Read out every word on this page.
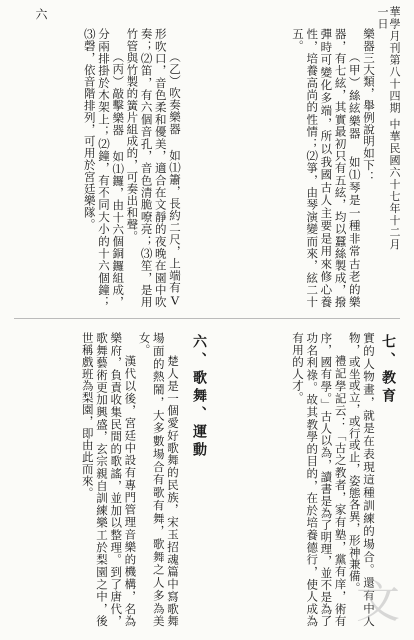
華學月刊第八十四期 中華民國六十七年十二月一日
六

樂器三大類，舉例說明如下：

（甲）絲絃樂器 如⑴琴是一種非常古老的樂器，有七絃，其實最初只有五絃，均以蠶絲製成，撥彈時可變化多端，所以我國古人主要是用來修心養性，培養高尚的性情；⑵箏，由琴演變而來，絃二十五。

（乙）吹奏樂器 如⑴簫，長約二尺，上端有V形吹口，音色柔和優美，適合在文靜的夜晚在園中吹奏；⑵笛，有六個音孔，音色清脆嘹亮；⑶笙，是用竹管與竹製的簧片組成的，可奏出和聲。

（丙）敲擊樂器 如⑴鑼，由十六個銅鑼組成，分兩排掛於木架上；⑵鐘，有不同大小的十六個鐘；⑶磬，依音階排列，可用於宮廷樂隊。

七、教育

實的人物畫，就是在表現這種訓練的場合。還有中人物，或坐或立，或行或止，姿態各異，形神兼備。

禮記學記云：「古之教者，家有塾，黨有庠，術有序，國有學。」古人以為，讀書是為了明理，並不是為了功名利祿。故其教學的目的，在於培養德行，使人成為有用的人才。

六、歌舞、運動

楚人是一個愛好歌舞的民族，宋玉招魂篇中寫歌舞場面的熱鬧，大多數場合有歌有舞，歌舞之人多為美女。

漢代以後，宮廷中設有專門管理音樂的機構，名為樂府，負責收集民間的歌謠，並加以整理。到了唐代，歌舞藝術更加興盛，玄宗親自訓練樂工於梨園之中，後世稱戲班為梨園，即由此而來。

文
